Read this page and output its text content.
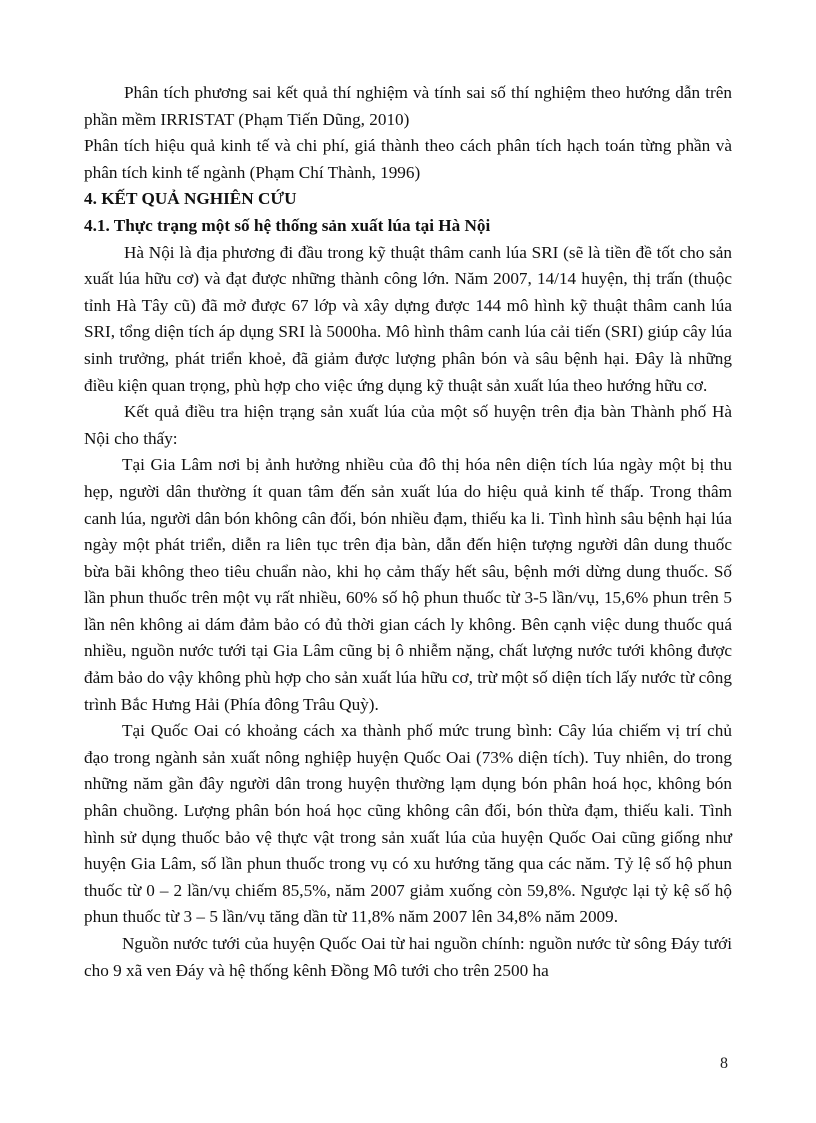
Phân tích phương sai kết quả thí nghiệm và tính sai số thí nghiệm theo hướng dẫn trên phần mềm IRRISTAT (Phạm Tiến Dũng, 2010)

Phân tích hiệu quả kinh tế và chi phí, giá thành theo cách phân tích hạch toán từng phần và phân tích kinh tế ngành (Phạm Chí Thành, 1996)

4. KẾT QUẢ NGHIÊN CỨU

4.1. Thực trạng một số hệ thống sản xuất lúa tại Hà Nội

Hà Nội là địa phương đi đầu trong kỹ thuật thâm canh lúa SRI (sẽ là tiền đề tốt cho sản xuất lúa hữu cơ) và đạt được những thành công lớn. Năm 2007, 14/14 huyện, thị trấn (thuộc tỉnh Hà Tây cũ) đã mở được 67 lớp và xây dựng được 144 mô hình kỹ thuật thâm canh lúa SRI, tổng diện tích áp dụng SRI là 5000ha. Mô hình thâm canh lúa cải tiến (SRI) giúp cây lúa sinh trưởng, phát triển khoẻ, đã giảm được lượng phân bón và sâu bệnh hại. Đây là những điều kiện quan trọng, phù hợp cho việc ứng dụng kỹ thuật sản xuất lúa theo hướng hữu cơ.

Kết quả điều tra hiện trạng sản xuất lúa của một số huyện trên địa bàn Thành phố Hà Nội cho thấy:

Tại Gia Lâm nơi bị ảnh hưởng nhiều của đô thị hóa nên diện tích lúa ngày một bị thu hẹp, người dân thường ít quan tâm đến sản xuất lúa do hiệu quả kinh tế thấp. Trong thâm canh lúa, người dân bón không cân đối, bón nhiều đạm, thiếu ka li. Tình hình sâu bệnh hại lúa ngày một phát triển, diễn ra liên tục trên địa bàn, dẫn đến hiện tượng người dân dung thuốc bừa bãi không theo tiêu chuẩn nào, khi họ cảm thấy hết sâu, bệnh mới dừng dung thuốc. Số lần phun thuốc trên một vụ rất nhiều, 60% số hộ phun thuốc từ 3-5 lần/vụ, 15,6% phun trên 5 lần nên không ai dám đảm bảo có đủ thời gian cách ly không. Bên cạnh việc dung thuốc quá nhiều, nguồn nước tưới tại Gia Lâm cũng bị ô nhiễm nặng, chất lượng nước tưới không được đảm bảo do vậy không phù hợp cho sản xuất lúa hữu cơ, trừ một số diện tích lấy nước từ công trình Bắc Hưng Hải (Phía đông Trâu Quỳ).

Tại Quốc Oai có khoảng cách xa thành phố mức trung bình: Cây lúa chiếm vị trí chủ đạo trong ngành sản xuất nông nghiệp huyện Quốc Oai (73% diện tích). Tuy nhiên, do trong những năm gần đây người dân trong huyện thường lạm dụng bón phân hoá học, không bón phân chuồng. Lượng phân bón hoá học cũng không cân đối, bón thừa đạm, thiếu kali. Tình hình sử dụng thuốc bảo vệ thực vật trong sản xuất lúa của huyện Quốc Oai cũng giống như huyện Gia Lâm, số lần phun thuốc trong vụ có xu hướng tăng qua các năm. Tỷ lệ số hộ phun thuốc từ 0 – 2 lần/vụ chiếm 85,5%, năm 2007 giảm xuống còn 59,8%. Ngược lại tỷ kệ số hộ phun thuốc từ 3 – 5 lần/vụ tăng dần từ 11,8% năm 2007 lên 34,8% năm 2009.

Nguồn nước tưới của huyện Quốc Oai từ hai nguồn chính: nguồn nước từ sông Đáy tưới cho 9 xã ven Đáy và hệ thống kênh Đồng Mô tưới cho trên 2500 ha

8
